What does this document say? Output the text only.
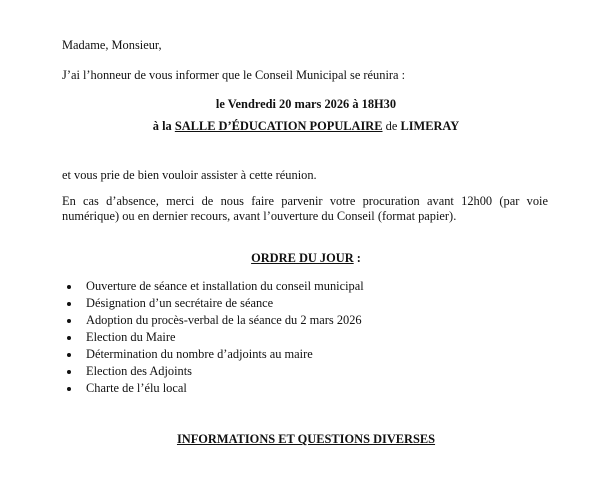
Madame, Monsieur,
J’ai l’honneur de vous informer que le Conseil Municipal se réunira :
le Vendredi 20 mars 2026 à 18H30
à la SALLE D’ÉDUCATION POPULAIRE de LIMERAY
et vous prie de bien vouloir assister à cette réunion.
En cas d’absence, merci de nous faire parvenir votre procuration avant 12h00 (par voie numérique) ou en dernier recours, avant l’ouverture du Conseil (format papier).
ORDRE DU JOUR :
Ouverture de séance et installation du conseil municipal
Désignation d’un secrétaire de séance
Adoption du procès-verbal de la séance du 2 mars 2026
Election du Maire
Détermination du nombre d’adjoints au maire
Election des Adjoints
Charte de l’élu local
INFORMATIONS ET QUESTIONS DIVERSES
